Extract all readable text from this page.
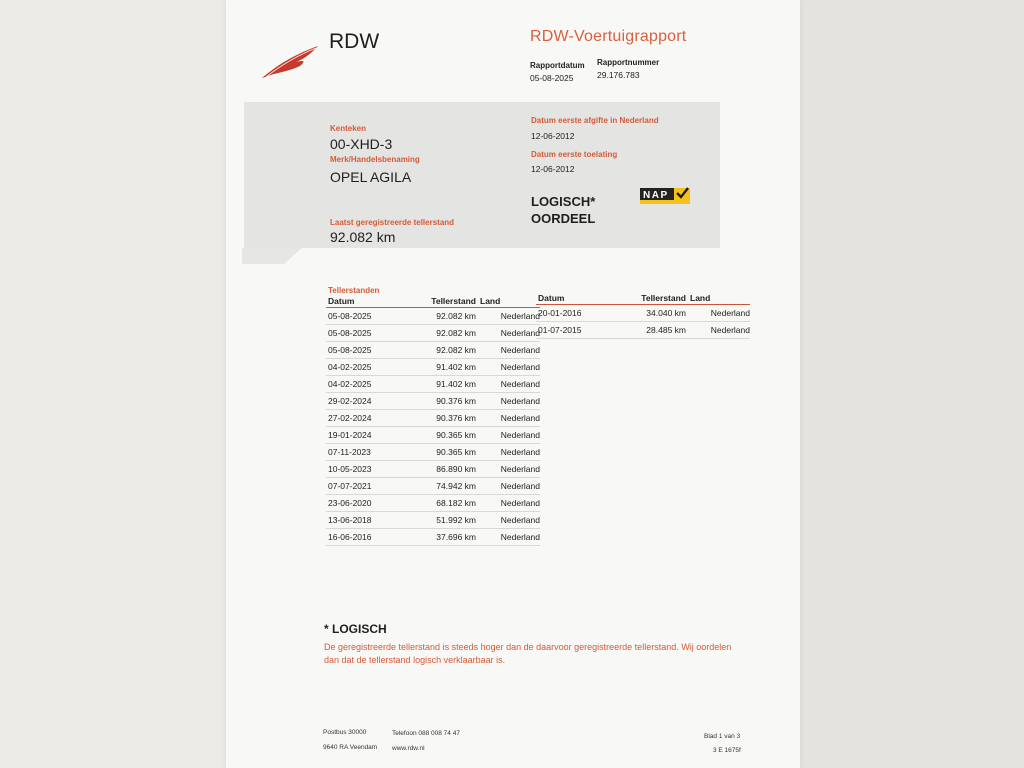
RDW	RDW-Voertuigrapport
Rapportdatum
05-08-2025
Rapportnummer
29.176.783
Kenteken
00-XHD-3
Merk/Handelsbenaming
OPEL AGILA
Laatst geregistreerde tellerstand
92.082 km
Datum eerste afgifte in Nederland
12-06-2012
Datum eerste toelating
12-06-2012
LOGISCH*
OORDEEL
NAP
Tellerstanden
Datum	Tellerstand	Land
05-08-2025	92.082 km	Nederland
05-08-2025	92.082 km	Nederland
05-08-2025	92.082 km	Nederland
04-02-2025	91.402 km	Nederland
04-02-2025	91.402 km	Nederland
29-02-2024	90.376 km	Nederland
27-02-2024	90.376 km	Nederland
19-01-2024	90.365 km	Nederland
07-11-2023	90.365 km	Nederland
10-05-2023	86.890 km	Nederland
07-07-2021	74.942 km	Nederland
23-06-2020	68.182 km	Nederland
13-06-2018	51.992 km	Nederland
16-06-2016	37.696 km	Nederland
Datum	Tellerstand	Land
20-01-2016	34.040 km	Nederland
01-07-2015	28.485 km	Nederland
* LOGISCH
De geregistreerde tellerstand is steeds hoger dan de daarvoor geregistreerde tellerstand. Wij oordelen dan dat de tellerstand logisch verklaarbaar is.
Postbus 30000
9640 RA Veendam
Telefoon 088 008 74 47
www.rdw.nl
Blad 1 van 3
3 E 1675f
